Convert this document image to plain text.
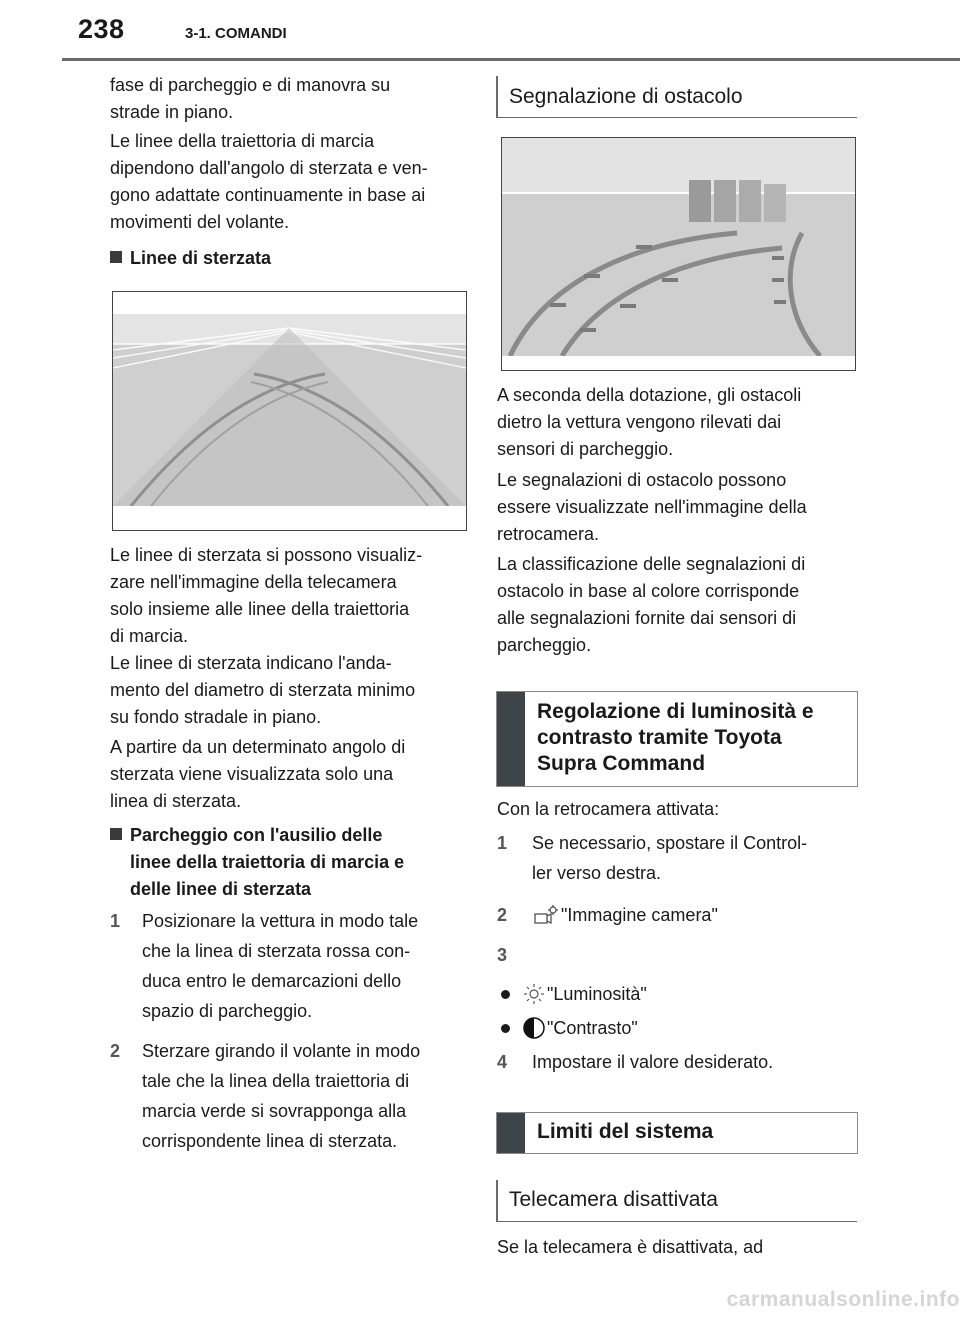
238	3-1. COMANDI

fase di parcheggio e di manovra su

strade in piano.

Le linee della traiettoria di marcia

dipendono dall'angolo di sterzata e ven-

gono adattate continuamente in base ai

movimenti del volante.

Linee di sterzata

Le linee di sterzata si possono visualiz-

zare nell'immagine della telecamera

solo insieme alle linee della traiettoria

di marcia.

Le linee di sterzata indicano l'anda-

mento del diametro di sterzata minimo

su fondo stradale in piano.

A partire da un determinato angolo di

sterzata viene visualizzata solo una

linea di sterzata.

Parcheggio con l'ausilio delle
linee della traiettoria di marcia e
delle linee di sterzata
1 Posizionare la vettura in modo tale
che la linea di sterzata rossa con-
duca entro le demarcazioni dello
spazio di parcheggio.
2 Sterzare girando il volante in modo
tale che la linea della traiettoria di
marcia verde si sovrapponga alla
corrispondente linea di sterzata.
Segnalazione di ostacolo

A seconda della dotazione, gli ostacoli

dietro la vettura vengono rilevati dai

sensori di parcheggio.

Le segnalazioni di ostacolo possono

essere visualizzate nell'immagine della

retrocamera.

La classificazione delle segnalazioni di

ostacolo in base al colore corrisponde

alle segnalazioni fornite dai sensori di

parcheggio.

Regolazione di luminosità e
contrasto tramite Toyota
Supra Command
Con la retrocamera attivata:
1 Se necessario, spostare il Control-
ler verso destra.
2	"Immagine camera"
3
"Luminosità"
"Contrasto"
4 Impostare il valore desiderato.
Limiti del sistema
Telecamera disattivata
Se la telecamera è disattivata, ad
carmanualsonline.info
